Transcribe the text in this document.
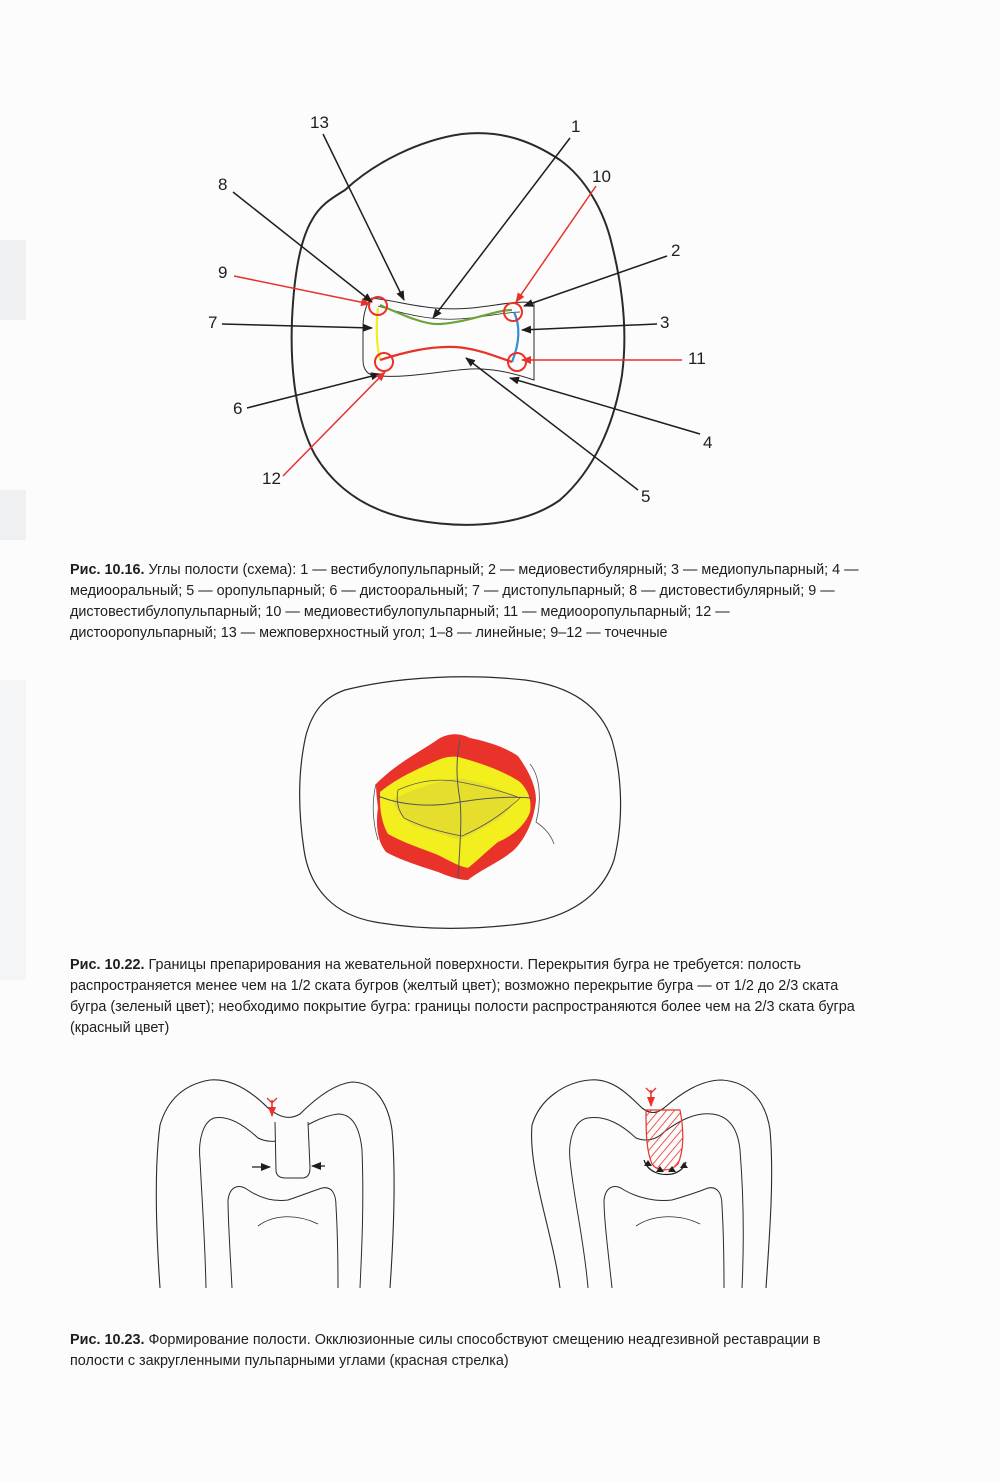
1
2
3
4
5
6
7
8
9
10
11
12
13
Рис. 10.16. Углы полости (схема): 1 — вестибулопульпарный; 2 — медиовестибулярный; 3 — медиопульпарный; 4 — медиооральный; 5 — оропульпарный; 6 — дистооральный; 7 — дистопульпарный; 8 — дистовестибулярный; 9 — дистовестибулопульпарный; 10 — медиовестибулопульпарный; 11 — медиооропульпарный; 12 — дистооропульпарный; 13 — межповерхностный угол; 1–8 — линейные; 9–12 — точечные
Рис. 10.22. Границы препарирования на жевательной поверхности. Перекрытия бугра не требуется: полость распространяется менее чем на 1/2 ската бугров (желтый цвет); возможно перекрытие бугра — от 1/2 до 2/3 ската бугра (зеленый цвет); необходимо покрытие бугра: границы полости распространяются более чем на 2/3 ската бугра (красный цвет)
Рис. 10.23. Формирование полости. Окклюзионные силы способствуют смещению неадгезивной реставрации в полости с закругленными пульпарными углами (красная стрелка)
